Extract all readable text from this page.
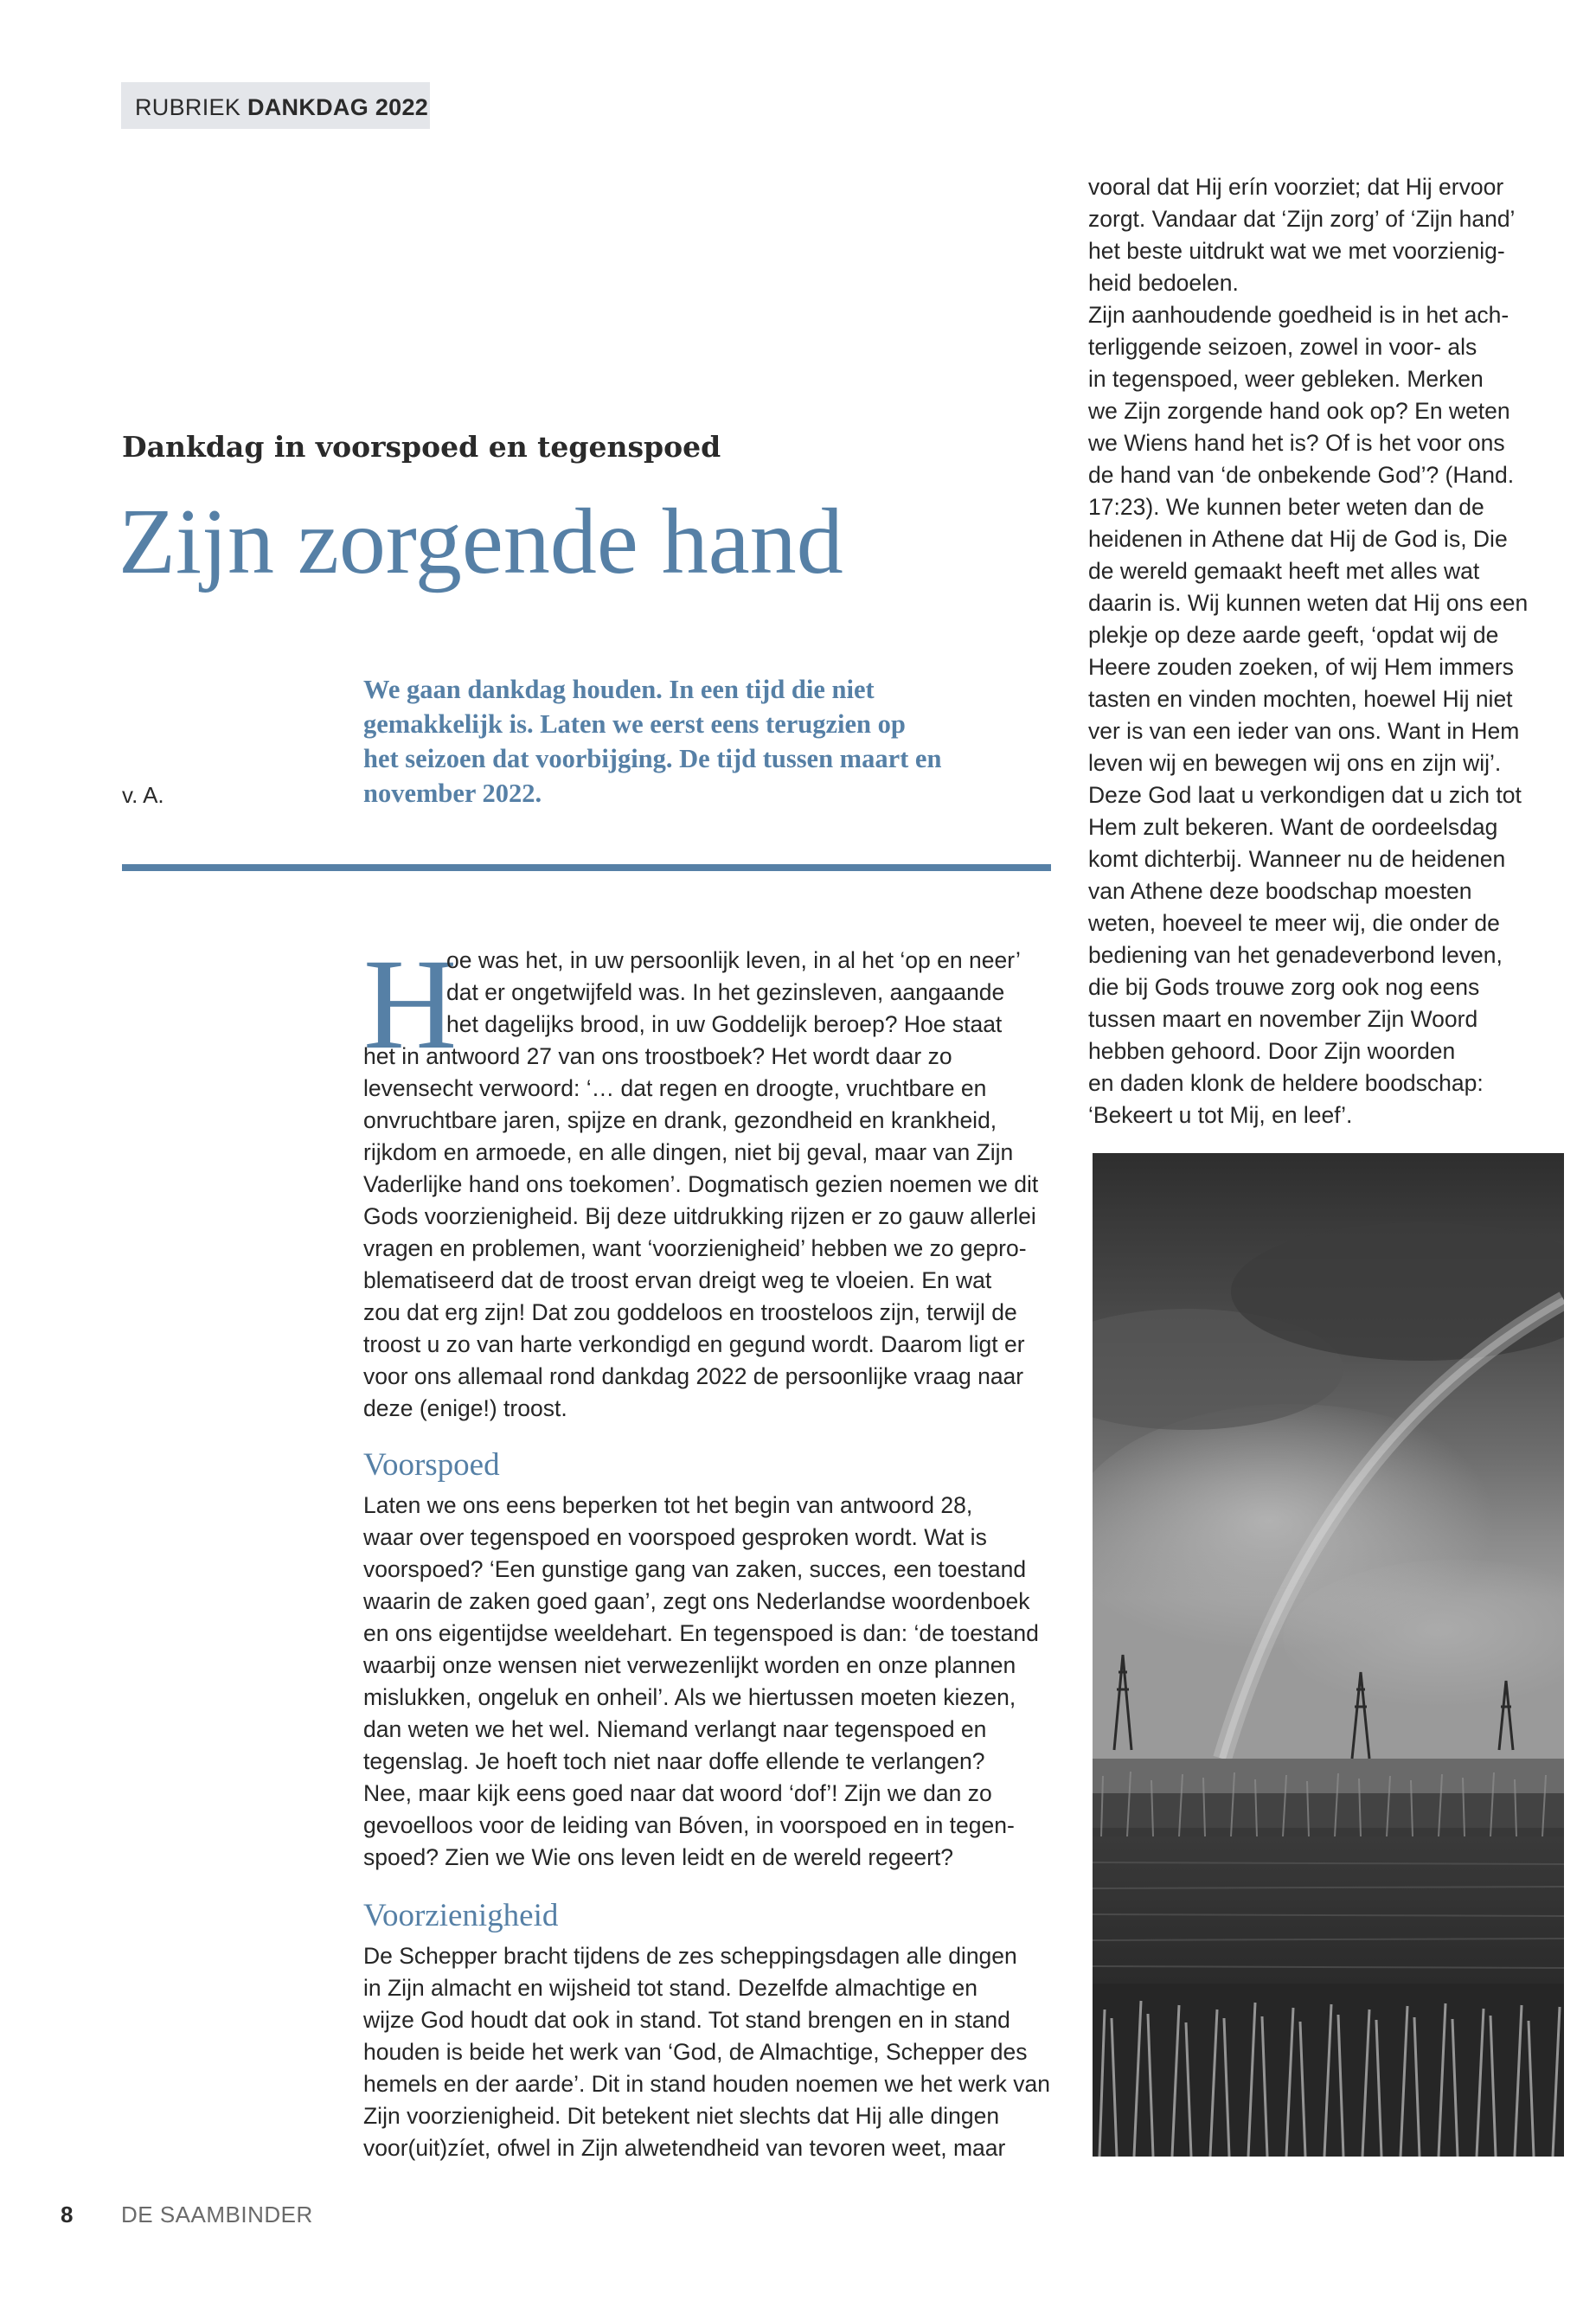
RUBRIEK DANKDAG 2022
Dankdag in voorspoed en tegenspoed
Zijn zorgende hand
v. A.
We gaan dankdag houden. In een tijd die niet
gemakkelijk is. Laten we eerst eens terugzien op
het seizoen dat voorbijging. De tijd tussen maart en
november 2022.
H
oe was het, in uw persoonlijk leven, in al het ‘op en neer’
dat er ongetwijfeld was. In het gezinsleven, aangaande
het dagelijks brood, in uw Goddelijk beroep? Hoe staat
het in antwoord 27 van ons troostboek? Het wordt daar zo
levensecht verwoord: ‘… dat regen en droogte, vruchtbare en
onvruchtbare jaren, spijze en drank, gezondheid en krankheid,
rijkdom en armoede, en alle dingen, niet bij geval, maar van Zijn
Vaderlijke hand ons toekomen’. Dogmatisch gezien noemen we dit
Gods voorzienigheid. Bij deze uitdrukking rijzen er zo gauw allerlei
vragen en problemen, want ‘voorzienigheid’ hebben we zo gepro-
blematiseerd dat de troost ervan dreigt weg te vloeien. En wat
zou dat erg zijn! Dat zou goddeloos en troosteloos zijn, terwijl de
troost u zo van harte verkondigd en gegund wordt. Daarom ligt er
voor ons allemaal rond dankdag 2022 de persoonlijke vraag naar
deze (enige!) troost.
Voorspoed
Laten we ons eens beperken tot het begin van antwoord 28,
waar over tegenspoed en voorspoed gesproken wordt. Wat is
voorspoed? ‘Een gunstige gang van zaken, succes, een toestand
waarin de zaken goed gaan’, zegt ons Nederlandse woordenboek
en ons eigentijdse weeldehart. En tegenspoed is dan: ‘de toestand
waarbij onze wensen niet verwezenlijkt worden en onze plannen
mislukken, ongeluk en onheil’. Als we hiertussen moeten kiezen,
dan weten we het wel. Niemand verlangt naar tegenspoed en
tegenslag. Je hoeft toch niet naar doffe ellende te verlangen?
Nee, maar kijk eens goed naar dat woord ‘dof’! Zijn we dan zo
gevoelloos voor de leiding van Bóven, in voorspoed en in tegen-
spoed? Zien we Wie ons leven leidt en de wereld regeert?
Voorzienigheid
De Schepper bracht tijdens de zes scheppingsdagen alle dingen
in Zijn almacht en wijsheid tot stand. Dezelfde almachtige en
wijze God houdt dat ook in stand. Tot stand brengen en in stand
houden is beide het werk van ‘God, de Almachtige, Schepper des
hemels en der aarde’. Dit in stand houden noemen we het werk van
Zijn voorzienigheid. Dit betekent niet slechts dat Hij alle dingen
voor(uit)zíet, ofwel in Zijn alwetendheid van tevoren weet, maar
vooral dat Hij erín voorziet; dat Hij ervoor
zorgt. Vandaar dat ‘Zijn zorg’ of ‘Zijn hand’
het beste uitdrukt wat we met voorzienig-
heid bedoelen.
Zijn aanhoudende goedheid is in het ach-
terliggende seizoen, zowel in voor- als
in tegenspoed, weer gebleken. Merken
we Zijn zorgende hand ook op? En weten
we Wiens hand het is? Of is het voor ons
de hand van ‘de onbekende God’? (Hand.
17:23). We kunnen beter weten dan de
heidenen in Athene dat Hij de God is, Die
de wereld gemaakt heeft met alles wat
daarin is. Wij kunnen weten dat Hij ons een
plekje op deze aarde geeft, ‘opdat wij de
Heere zouden zoeken, of wij Hem immers
tasten en vinden mochten, hoewel Hij niet
ver is van een ieder van ons. Want in Hem
leven wij en bewegen wij ons en zijn wij’.
Deze God laat u verkondigen dat u zich tot
Hem zult bekeren. Want de oordeelsdag
komt dichterbij. Wanneer nu de heidenen
van Athene deze boodschap moesten
weten, hoeveel te meer wij, die onder de
bediening van het genadeverbond leven,
die bij Gods trouwe zorg ook nog eens
tussen maart en november Zijn Woord
hebben gehoord. Door Zijn woorden
en daden klonk de heldere boodschap:
‘Bekeert u tot Mij, en leef’.
8 DE SAAMBINDER
